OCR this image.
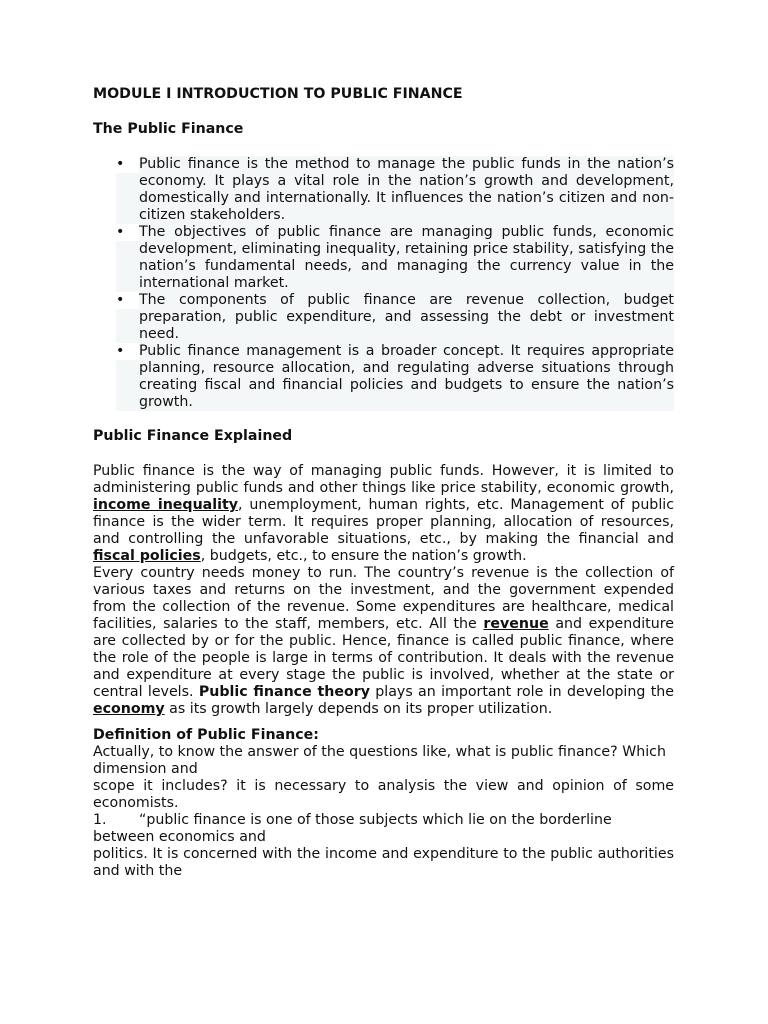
MODULE I INTRODUCTION TO PUBLIC FINANCE

The Public Finance

•	Public finance is the method to manage the public funds in the nation’s economy. It plays a vital role in the nation’s growth and development, domestically and internationally. It influences the nation’s citizen and non-citizen stakeholders.
•	The objectives of public finance are managing public funds, economic development, eliminating inequality, retaining price stability, satisfying the nation’s fundamental needs, and managing the currency value in the international market.
•	The components of public finance are revenue collection, budget preparation, public expenditure, and assessing the debt or investment need.
•	Public finance management is a broader concept. It requires appropriate planning, resource allocation, and regulating adverse situations through creating fiscal and financial policies and budgets to ensure the nation’s growth.

Public Finance Explained

Public finance is the way of managing public funds. However, it is limited to administering public funds and other things like price stability, economic growth, income inequality, unemployment, human rights, etc. Management of public finance is the wider term. It requires proper planning, allocation of resources, and controlling the unfavorable situations, etc., by making the financial and fiscal policies, budgets, etc., to ensure the nation’s growth.

Every country needs money to run. The country’s revenue is the collection of various taxes and returns on the investment, and the government expended from the collection of the revenue. Some expenditures are healthcare, medical facilities, salaries to the staff, members, etc. All the revenue and expenditure are collected by or for the public. Hence, finance is called public finance, where the role of the people is large in terms of contribution. It deals with the revenue and expenditure at every stage the public is involved, whether at the state or central levels. Public finance theory plays an important role in developing the economy as its growth largely depends on its proper utilization.

Definition of Public Finance:

Actually, to know the answer of the questions like, what is public finance? Which dimension and

scope it includes? it is necessary to analysis the view and opinion of some economists.

1. “public finance is one of those subjects which lie on the borderline between economics and

politics. It is concerned with the income and expenditure to the public authorities and with the
